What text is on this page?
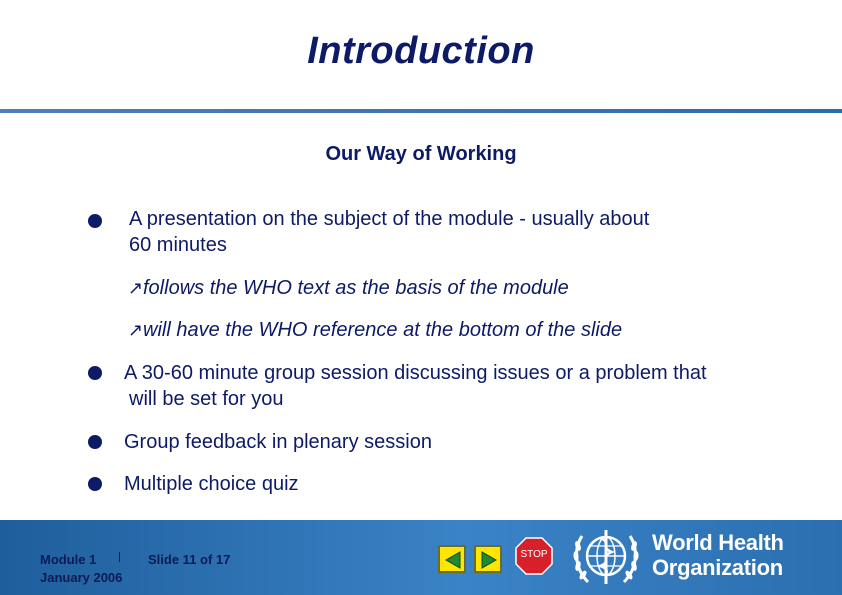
Introduction
Our Way of Working
A presentation on the subject of the module - usually about
60 minutes
↗ follows the WHO text as the basis of the module
↗ will have the WHO reference at the bottom of the slide
A 30-60 minute group session discussing issues or a problem that
will be set for you
Group feedback in plenary session
Multiple choice quiz
Module 1
January 2006
Slide 11 of 17	STOP	World Health
Organization
